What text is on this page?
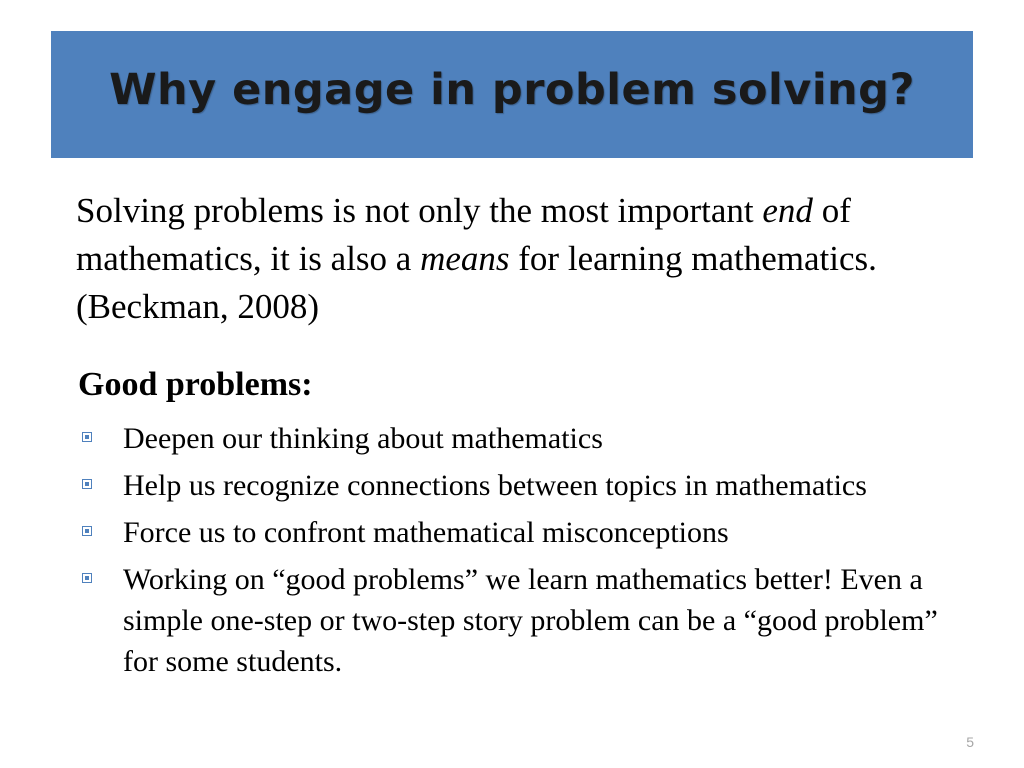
Why engage in problem solving?

Solving problems is not only the most important end of mathematics, it is also a means for learning mathematics. (Beckman, 2008)

Good problems:
Deepen our thinking about mathematics
Help us recognize connections between topics in mathematics
Force us to confront mathematical misconceptions
Working on “good problems” we learn mathematics better! Even a simple one-step or two-step story problem can be a “good problem” for some students.
5
